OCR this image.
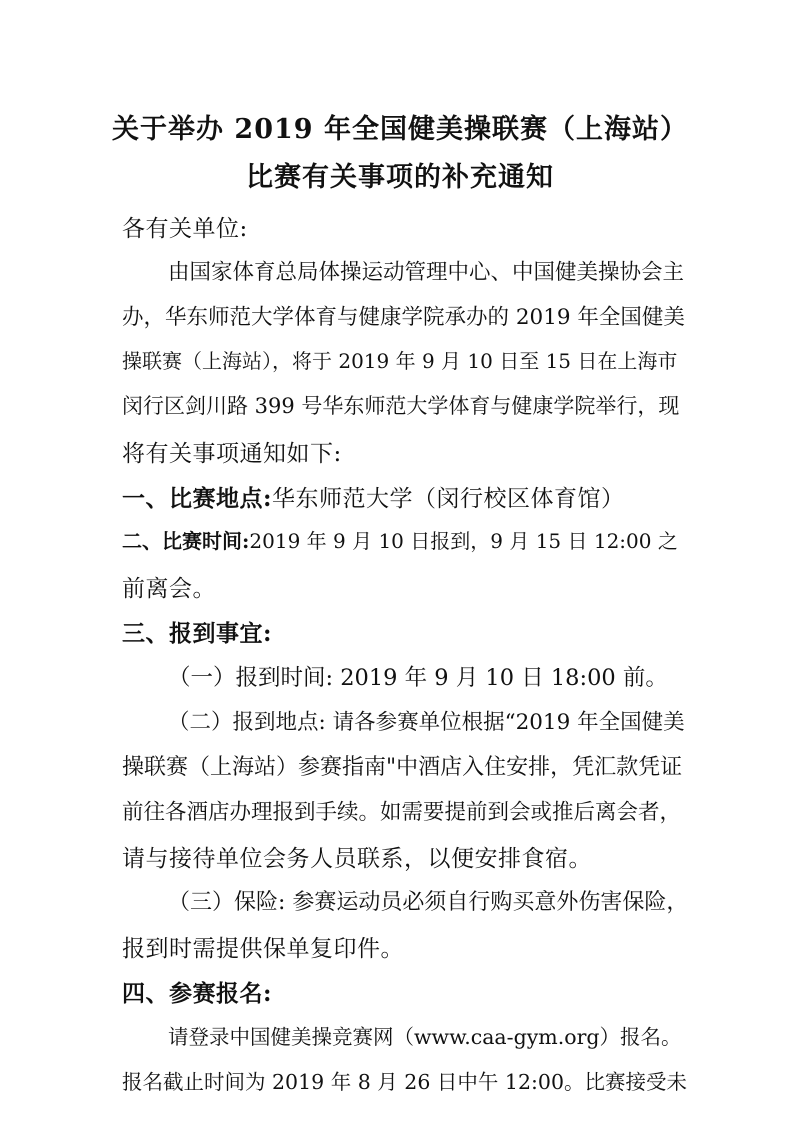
关于举办 2019 年全国健美操联赛（上海站）
比赛有关事项的补充通知
各有关单位:
由国家体育总局体操运动管理中心、中国健美操协会主
办，华东师范大学体育与健康学院承办的 2019 年全国健美
操联赛（上海站），将于 2019 年 9 月 10 日至 15 日在上海市
闵行区剑川路 399 号华东师范大学体育与健康学院举行，现
将有关事项通知如下:
一、比赛地点:华东师范大学（闵行校区体育馆）
二、比赛时间:2019 年 9 月 10 日报到，9 月 15 日 12:00 之
前离会。
三、报到事宜:
（一）报到时间: 2019 年 9 月 10 日 18:00 前。
（二）报到地点: 请各参赛单位根据“2019 年全国健美
操联赛（上海站）参赛指南"中酒店入住安排，凭汇款凭证
前往各酒店办理报到手续。如需要提前到会或推后离会者，
请与接待单位会务人员联系，以便安排食宿。
（三）保险: 参赛运动员必须自行购买意外伤害保险，
报到时需提供保单复印件。
四、参赛报名:
请登录中国健美操竞赛网（www.caa-gym.org）报名。
报名截止时间为 2019 年 8 月 26 日中午 12:00。比赛接受未
